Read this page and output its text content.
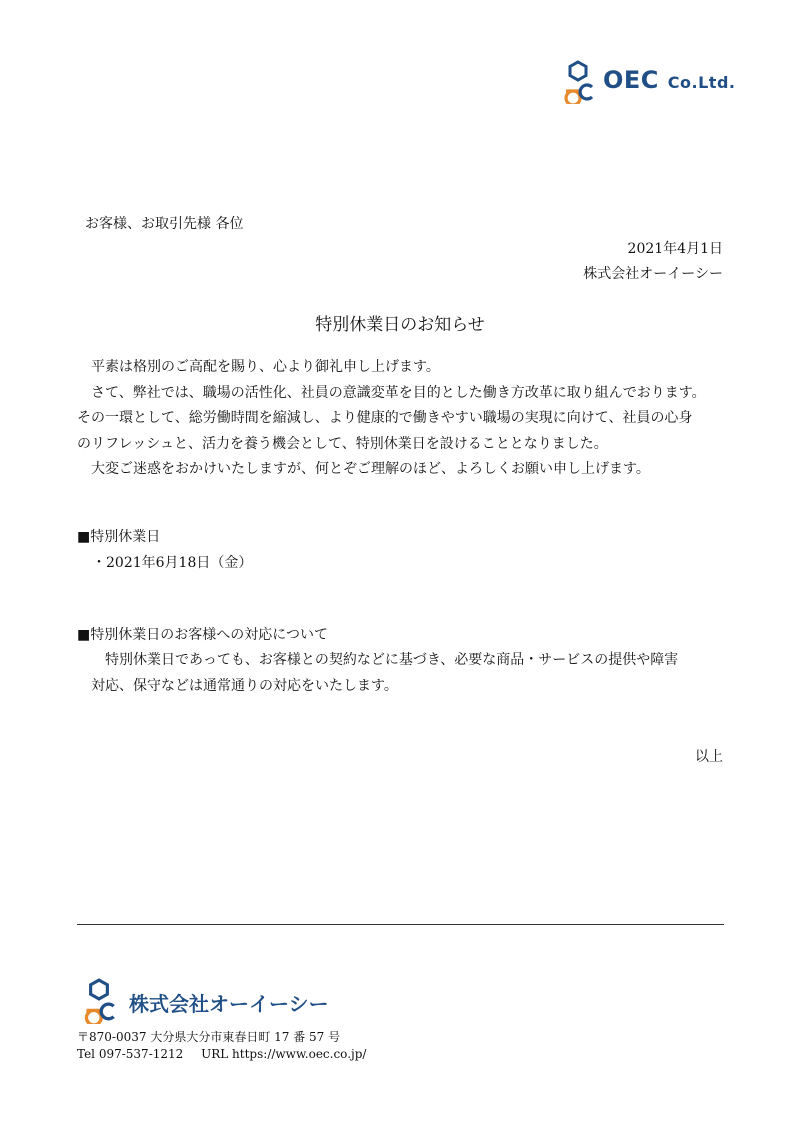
OEC Co.Ltd.
お客様、お取引先様 各位
2021年4月1日
株式会社オーイーシー
特別休業日のお知らせ

　平素は格別のご高配を賜り、心より御礼申し上げます。

　さて、弊社では、職場の活性化、社員の意識変革を目的とした働き方改革に取り組んでおります。

その一環として、総労働時間を縮減し、より健康的で働きやすい職場の実現に向けて、社員の心身

のリフレッシュと、活力を養う機会として、特別休業日を設けることとなりました。

　大変ご迷惑をおかけいたしますが、何とぞご理解のほど、よろしくお願い申し上げます。

■特別休業日
・2021年6月18日（金）
■特別休業日のお客様への対応について

　　特別休業日であっても、お客様との契約などに基づき、必要な商品・サービスの提供や障害

　対応、保守などは通常通りの対応をいたします。

以上
株式会社オーイーシー
〒870-0037 大分県大分市東春日町 17 番 57 号
Tel 097-537-1212 URL https://www.oec.co.jp/
